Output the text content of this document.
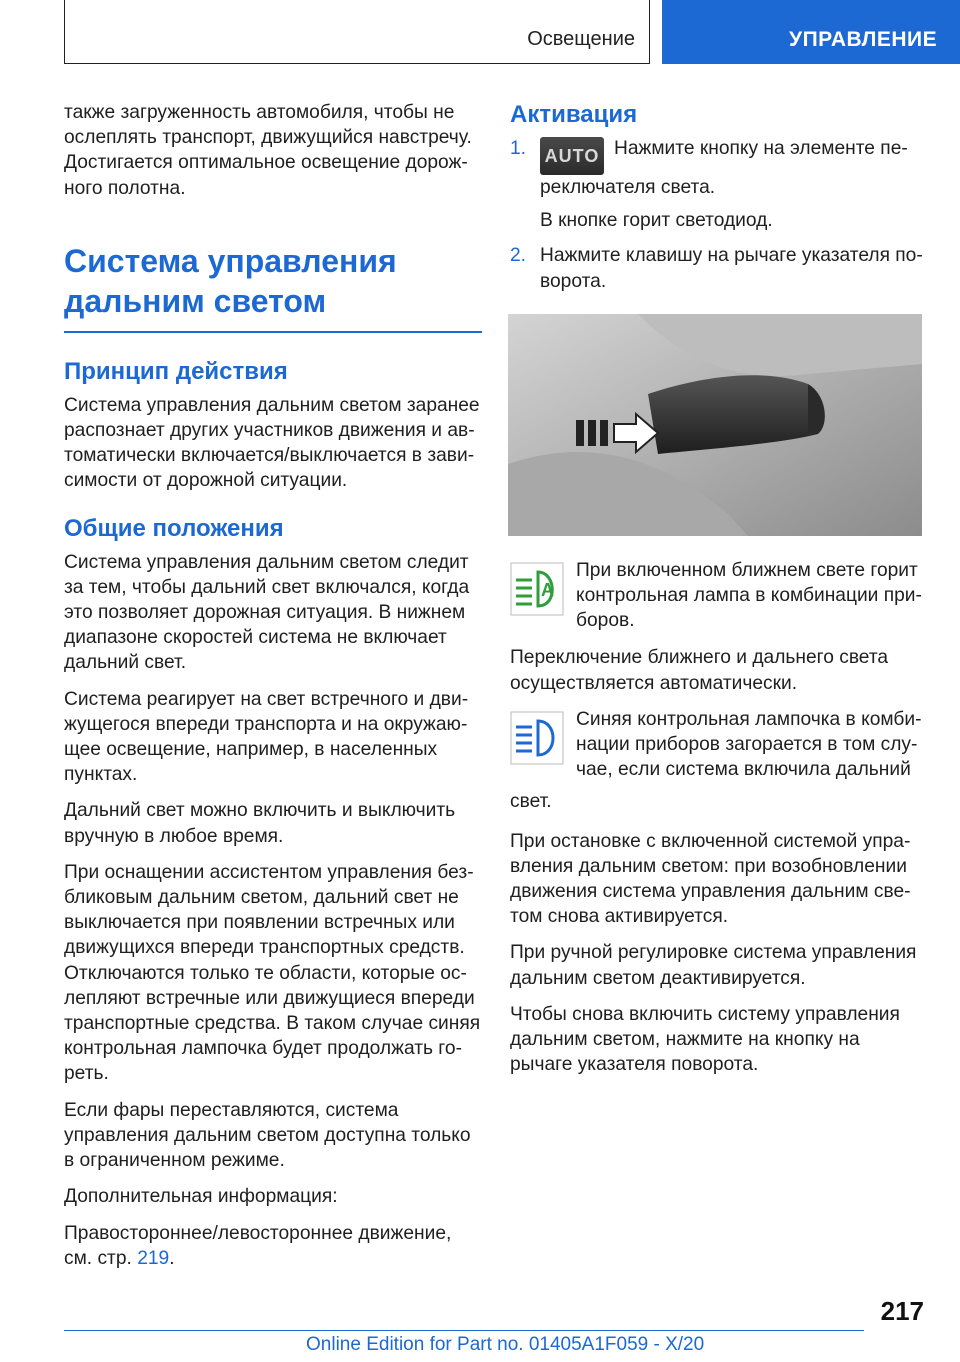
Освещение	УПРАВЛЕНИЕ

также загруженность автомобиля, чтобы не ослеплять транспорт, движущийся навстречу. Достигается оптимальное освещение дорожного полотна.

Система управления дальним светом
Принцип действия

Система управления дальним светом заранее распознает других участников движения и автоматически включается/выключается в зависимости от дорожной ситуации.

Общие положения

Система управления дальним светом следит за тем, чтобы дальний свет включался, когда это позволяет дорожная ситуация. В нижнем диапазоне скоростей система не включает дальний свет.

Система реагирует на свет встречного и движущегося впереди транспорта и на окружающее освещение, например, в населенных пунктах.

Дальний свет можно включить и выключить вручную в любое время.

При оснащении ассистентом управления безбликовым дальним светом, дальний свет не выключается при появлении встречных или движущихся впереди транспортных средств. Отключаются только те области, которые ослепляют встречные или движущиеся впереди транспортные средства. В таком случае синяя контрольная лампочка будет продолжать гореть.

Если фары переставляются, система управления дальним светом доступна только в ограниченном режиме.

Дополнительная информация:

Правостороннее/левостороннее движение, см. стр. 219.

Активация
1. AUTO Нажмите кнопку на элементе переключателя света.

В кнопке горит светодиод.

2. Нажмите клавишу на рычаге указателя поворота.

A

При включенном ближнем свете горит контрольная лампа в комбинации приборов.

Переключение ближнего и дальнего света осуществляется автоматически.

Синяя контрольная лампочка в комбинации приборов загорается в том случае, если система включила дальний

свет.

При остановке с включенной системой управления дальним светом: при возобновлении движения система управления дальним светом снова активируется.

При ручной регулировке система управления дальним светом деактивируется.

Чтобы снова включить систему управления дальним светом, нажмите на кнопку на рычаге указателя поворота.

217
Online Edition for Part no. 01405A1F059 - X/20
